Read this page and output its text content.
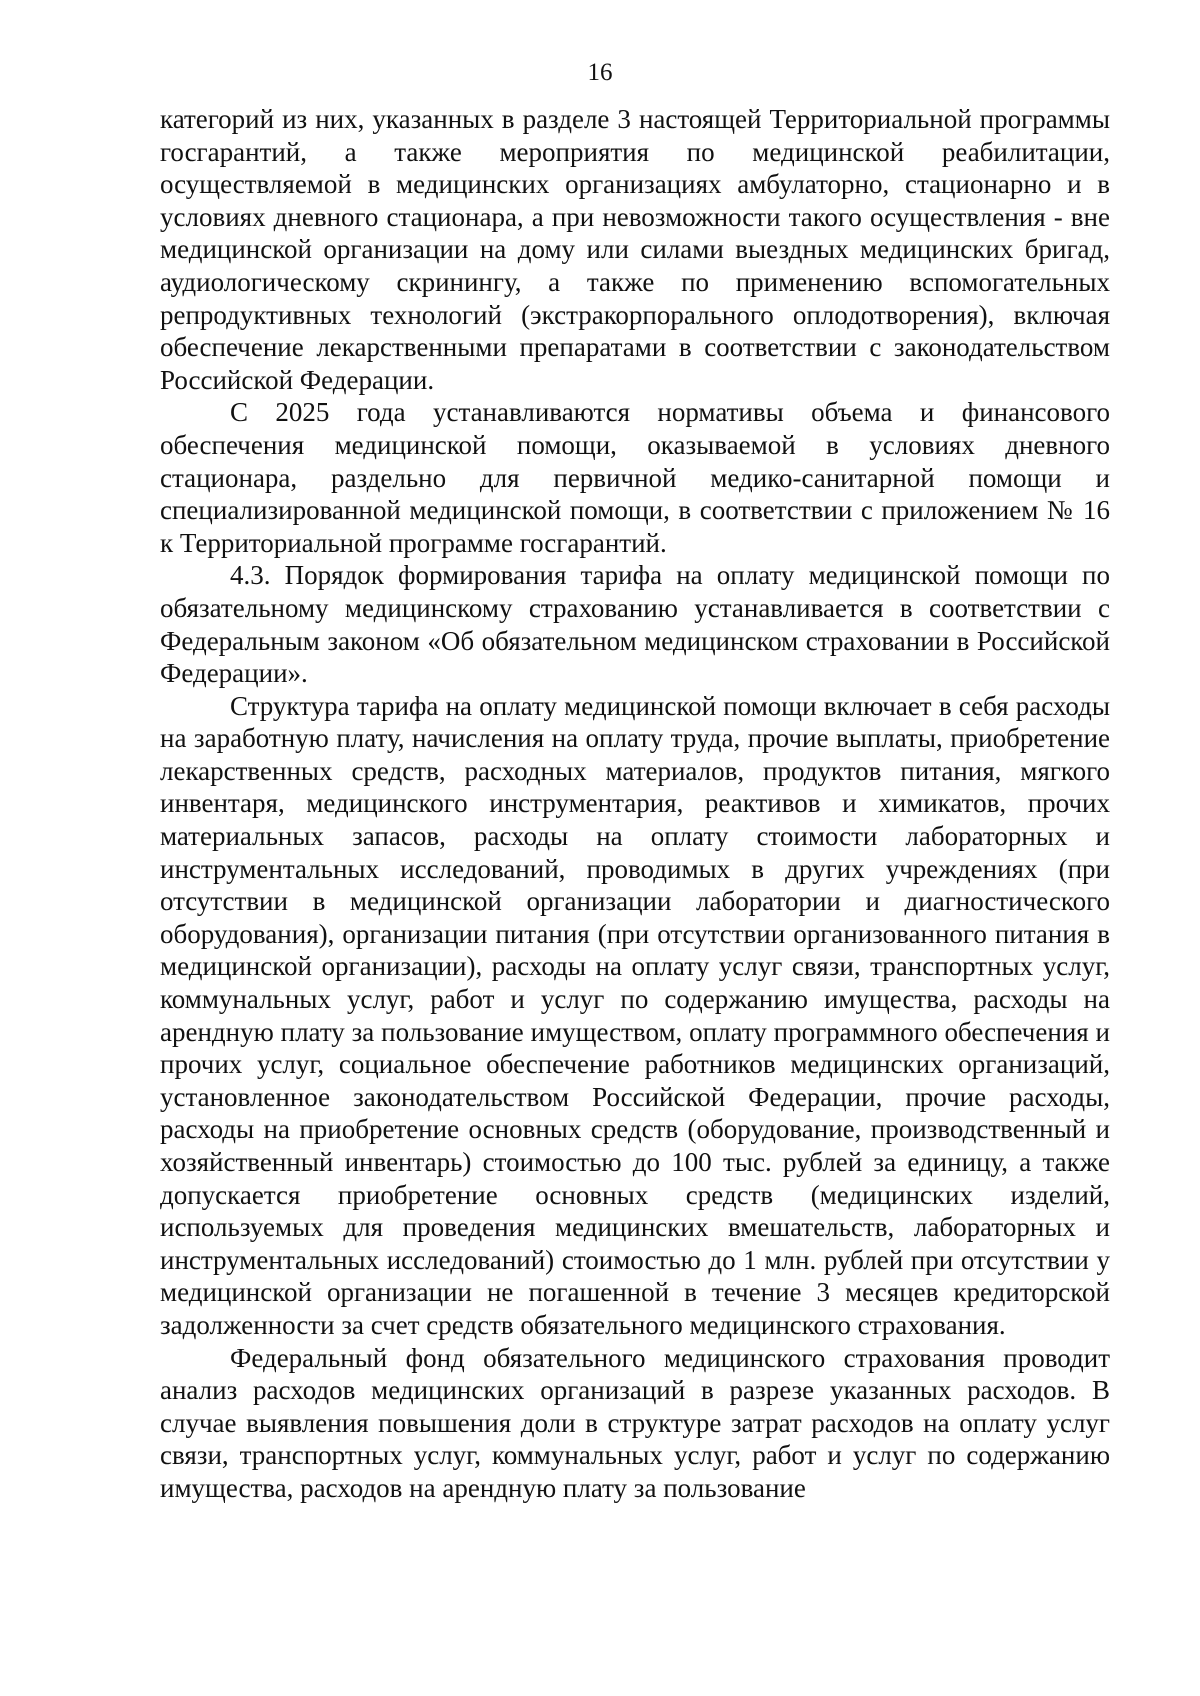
16

категорий из них, указанных в разделе 3 настоящей Территориальной программы госгарантий, а также мероприятия по медицинской реабилитации, осуществляемой в медицинских организациях амбулаторно, стационарно и в условиях дневного стационара, а при невозможности такого осуществления - вне медицинской организации на дому или силами выездных медицинских бригад, аудиологическому скринингу, а также по применению вспомогательных репродуктивных технологий (экстракорпорального оплодотворения), включая обеспечение лекарственными препаратами в соответствии с законодательством Российской Федерации.

С 2025 года устанавливаются нормативы объема и финансового обеспечения медицинской помощи, оказываемой в условиях дневного стационара, раздельно для первичной медико-санитарной помощи и специализированной медицинской помощи, в соответствии с приложением № 16 к Территориальной программе госгарантий.

4.3. Порядок формирования тарифа на оплату медицинской помощи по обязательному медицинскому страхованию устанавливается в соответствии с Федеральным законом «Об обязательном медицинском страховании в Российской Федерации».

Структура тарифа на оплату медицинской помощи включает в себя расходы на заработную плату, начисления на оплату труда, прочие выплаты, приобретение лекарственных средств, расходных материалов, продуктов питания, мягкого инвентаря, медицинского инструментария, реактивов и химикатов, прочих материальных запасов, расходы на оплату стоимости лабораторных и инструментальных исследований, проводимых в других учреждениях (при отсутствии в медицинской организации лаборатории и диагностического оборудования), организации питания (при отсутствии организованного питания в медицинской организации), расходы на оплату услуг связи, транспортных услуг, коммунальных услуг, работ и услуг по содержанию имущества, расходы на арендную плату за пользование имуществом, оплату программного обеспечения и прочих услуг, социальное обеспечение работников медицинских организаций, установленное законодательством Российской Федерации, прочие расходы, расходы на приобретение основных средств (оборудование, производственный и хозяйственный инвентарь) стоимостью до 100 тыс. рублей за единицу, а также допускается приобретение основных средств (медицинских изделий, используемых для проведения медицинских вмешательств, лабораторных и инструментальных исследований) стоимостью до 1 млн. рублей при отсутствии у медицинской организации не погашенной в течение 3 месяцев кредиторской задолженности за счет средств обязательного медицинского страхования.

Федеральный фонд обязательного медицинского страхования проводит анализ расходов медицинских организаций в разрезе указанных расходов. В случае выявления повышения доли в структуре затрат расходов на оплату услуг связи, транспортных услуг, коммунальных услуг, работ и услуг по содержанию имущества, расходов на арендную плату за пользование
